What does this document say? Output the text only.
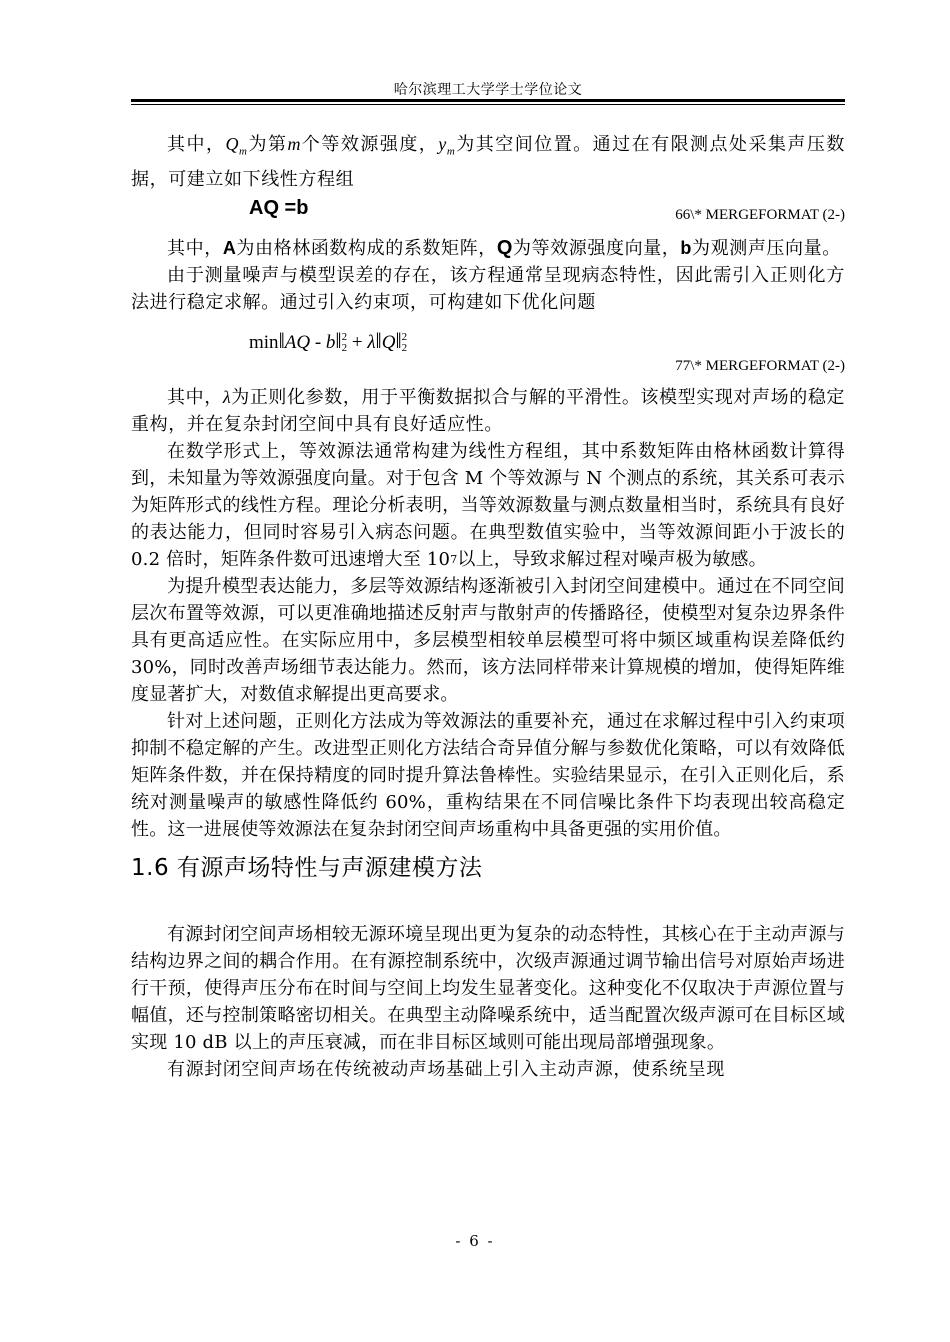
哈尔滨理工大学学士学位论文

其中，$Q_m$为第m个等效源强度，$y_m$为其空间位置。通过在有限测点处采集声压数据，可建立如下线性方程组

AQ =b	66\* MERGEFORMAT (2-)

其中，A为由格林函数构成的系数矩阵，Q为等效源强度向量，b为观测声压向量。

由于测量噪声与模型误差的存在，该方程通常呈现病态特性，因此需引入正则化方法进行稳定求解。通过引入约束项，可构建如下优化问题

min‖AQ - b‖2
2 + λ‖Q‖2
2
77\* MERGEFORMAT (2-)

其中，λ为正则化参数，用于平衡数据拟合与解的平滑性。该模型实现对声场的稳定重构，并在复杂封闭空间中具有良好适应性。

在数学形式上，等效源法通常构建为线性方程组，其中系数矩阵由格林函数计算得到，未知量为等效源强度向量。对于包含 M 个等效源与 N 个测点的系统，其关系可表示为矩阵形式的线性方程。理论分析表明，当等效源数量与测点数量相当时，系统具有良好的表达能力，但同时容易引入病态问题。在典型数值实验中，当等效源间距小于波长的 0.2 倍时，矩阵条件数可迅速增大至 $10^7$以上，导致求解过程对噪声极为敏感。

为提升模型表达能力，多层等效源结构逐渐被引入封闭空间建模中。通过在不同空间层次布置等效源，可以更准确地描述反射声与散射声的传播路径，使模型对复杂边界条件具有更高适应性。在实际应用中，多层模型相较单层模型可将中频区域重构误差降低约 30%，同时改善声场细节表达能力。然而，该方法同样带来计算规模的增加，使得矩阵维度显著扩大，对数值求解提出更高要求。

针对上述问题，正则化方法成为等效源法的重要补充，通过在求解过程中引入约束项抑制不稳定解的产生。改进型正则化方法结合奇异值分解与参数优化策略，可以有效降低矩阵条件数，并在保持精度的同时提升算法鲁棒性。实验结果显示，在引入正则化后，系统对测量噪声的敏感性降低约 60%，重构结果在不同信噪比条件下均表现出较高稳定性。这一进展使等效源法在复杂封闭空间声场重构中具备更强的实用价值。

1.6 有源声场特性与声源建模方法

有源封闭空间声场相较无源环境呈现出更为复杂的动态特性，其核心在于主动声源与结构边界之间的耦合作用。在有源控制系统中，次级声源通过调节输出信号对原始声场进行干预，使得声压分布在时间与空间上均发生显著变化。这种变化不仅取决于声源位置与幅值，还与控制策略密切相关。在典型主动降噪系统中，适当配置次级声源可在目标区域实现 10 dB 以上的声压衰减，而在非目标区域则可能出现局部增强现象。

有源封闭空间声场在传统被动声场基础上引入主动声源，使系统呈现

- 6 -
